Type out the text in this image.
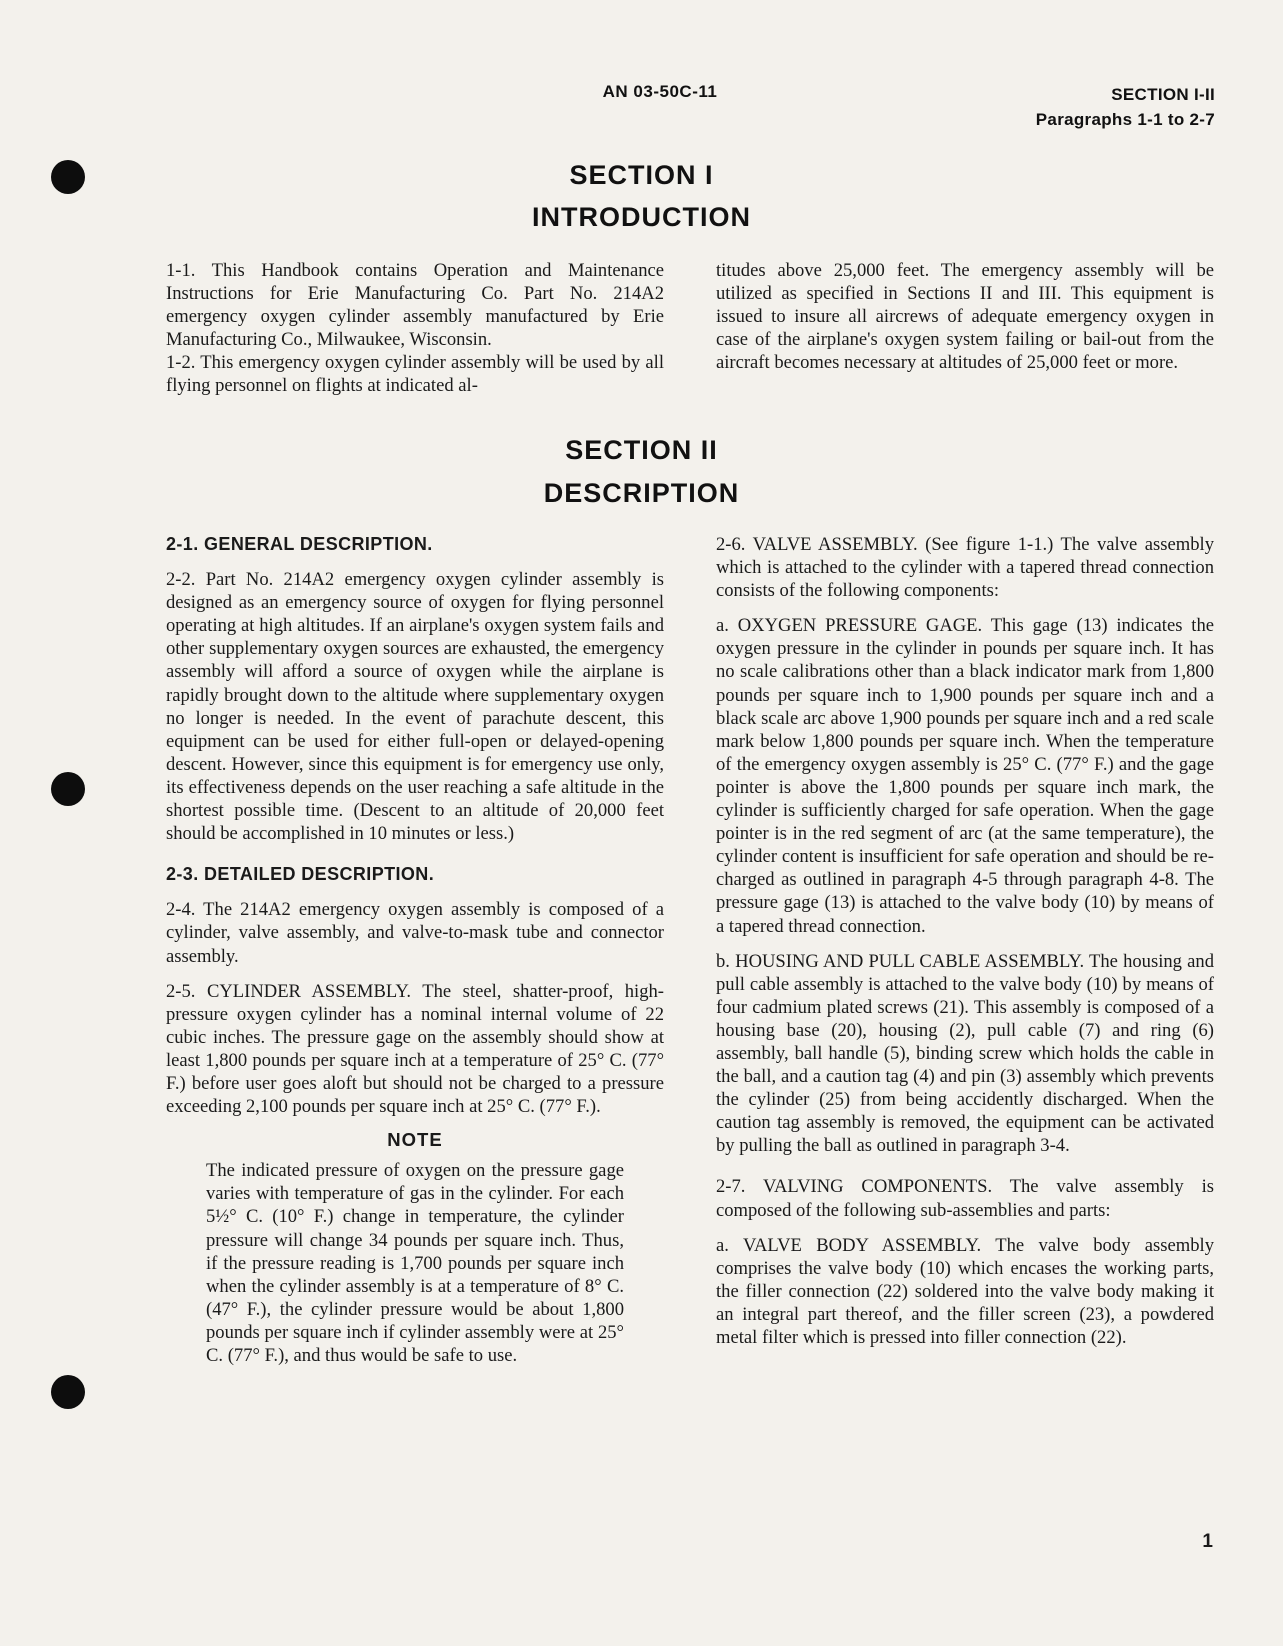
AN 03-50C-11	SECTION I-II
Paragraphs 1-1 to 2-7
SECTION I
INTRODUCTION

1-1. This Handbook contains Operation and Maintenance Instructions for Erie Manufacturing Co. Part No. 214A2 emergency oxygen cylinder assembly manufactured by Erie Manufacturing Co., Milwaukee, Wisconsin.

1-2. This emergency oxygen cylinder assembly will be used by all flying personnel on flights at indicated al-

titudes above 25,000 feet. The emergency assembly will be utilized as specified in Sections II and III. This equipment is issued to insure all aircrews of adequate emergency oxygen in case of the airplane's oxygen system failing or bail-out from the aircraft becomes necessary at altitudes of 25,000 feet or more.

SECTION II
DESCRIPTION

2-1. GENERAL DESCRIPTION.

2-2. Part No. 214A2 emergency oxygen cylinder assembly is designed as an emergency source of oxygen for flying personnel operating at high altitudes. If an airplane's oxygen system fails and other supplementary oxygen sources are exhausted, the emergency assembly will afford a source of oxygen while the airplane is rapidly brought down to the altitude where supplementary oxygen no longer is needed. In the event of parachute descent, this equipment can be used for either full-open or delayed-opening descent. However, since this equipment is for emergency use only, its effectiveness depends on the user reaching a safe altitude in the shortest possible time. (Descent to an altitude of 20,000 feet should be accomplished in 10 minutes or less.)

2-3. DETAILED DESCRIPTION.

2-4. The 214A2 emergency oxygen assembly is composed of a cylinder, valve assembly, and valve-to-mask tube and connector assembly.

2-5. CYLINDER ASSEMBLY. The steel, shatter-proof, high-pressure oxygen cylinder has a nominal internal volume of 22 cubic inches. The pressure gage on the assembly should show at least 1,800 pounds per square inch at a temperature of 25° C. (77° F.) before user goes aloft but should not be charged to a pressure exceeding 2,100 pounds per square inch at 25° C. (77° F.).

NOTE

The indicated pressure of oxygen on the pressure gage varies with temperature of gas in the cylinder. For each 5½° C. (10° F.) change in temperature, the cylinder pressure will change 34 pounds per square inch. Thus, if the pressure reading is 1,700 pounds per square inch when the cylinder assembly is at a temperature of 8° C. (47° F.), the cylinder pressure would be about 1,800 pounds per square inch if cylinder assembly were at 25° C. (77° F.), and thus would be safe to use.

2-6. VALVE ASSEMBLY. (See figure 1-1.) The valve assembly which is attached to the cylinder with a tapered thread connection consists of the following components:

a. OXYGEN PRESSURE GAGE. This gage (13) indicates the oxygen pressure in the cylinder in pounds per square inch. It has no scale calibrations other than a black indicator mark from 1,800 pounds per square inch to 1,900 pounds per square inch and a black scale arc above 1,900 pounds per square inch and a red scale mark below 1,800 pounds per square inch. When the temperature of the emergency oxygen assembly is 25° C. (77° F.) and the gage pointer is above the 1,800 pounds per square inch mark, the cylinder is sufficiently charged for safe operation. When the gage pointer is in the red segment of arc (at the same temperature), the cylinder content is insufficient for safe operation and should be re-charged as outlined in paragraph 4-5 through paragraph 4-8. The pressure gage (13) is attached to the valve body (10) by means of a tapered thread connection.

b. HOUSING AND PULL CABLE ASSEMBLY. The housing and pull cable assembly is attached to the valve body (10) by means of four cadmium plated screws (21). This assembly is composed of a housing base (20), housing (2), pull cable (7) and ring (6) assembly, ball handle (5), binding screw which holds the cable in the ball, and a caution tag (4) and pin (3) assembly which prevents the cylinder (25) from being accidently discharged. When the caution tag assembly is removed, the equipment can be activated by pulling the ball as outlined in paragraph 3-4.

2-7. VALVING COMPONENTS. The valve assembly is composed of the following sub-assemblies and parts:

a. VALVE BODY ASSEMBLY. The valve body assembly comprises the valve body (10) which encases the working parts, the filler connection (22) soldered into the valve body making it an integral part thereof, and the filler screen (23), a powdered metal filter which is pressed into filler connection (22).

1
